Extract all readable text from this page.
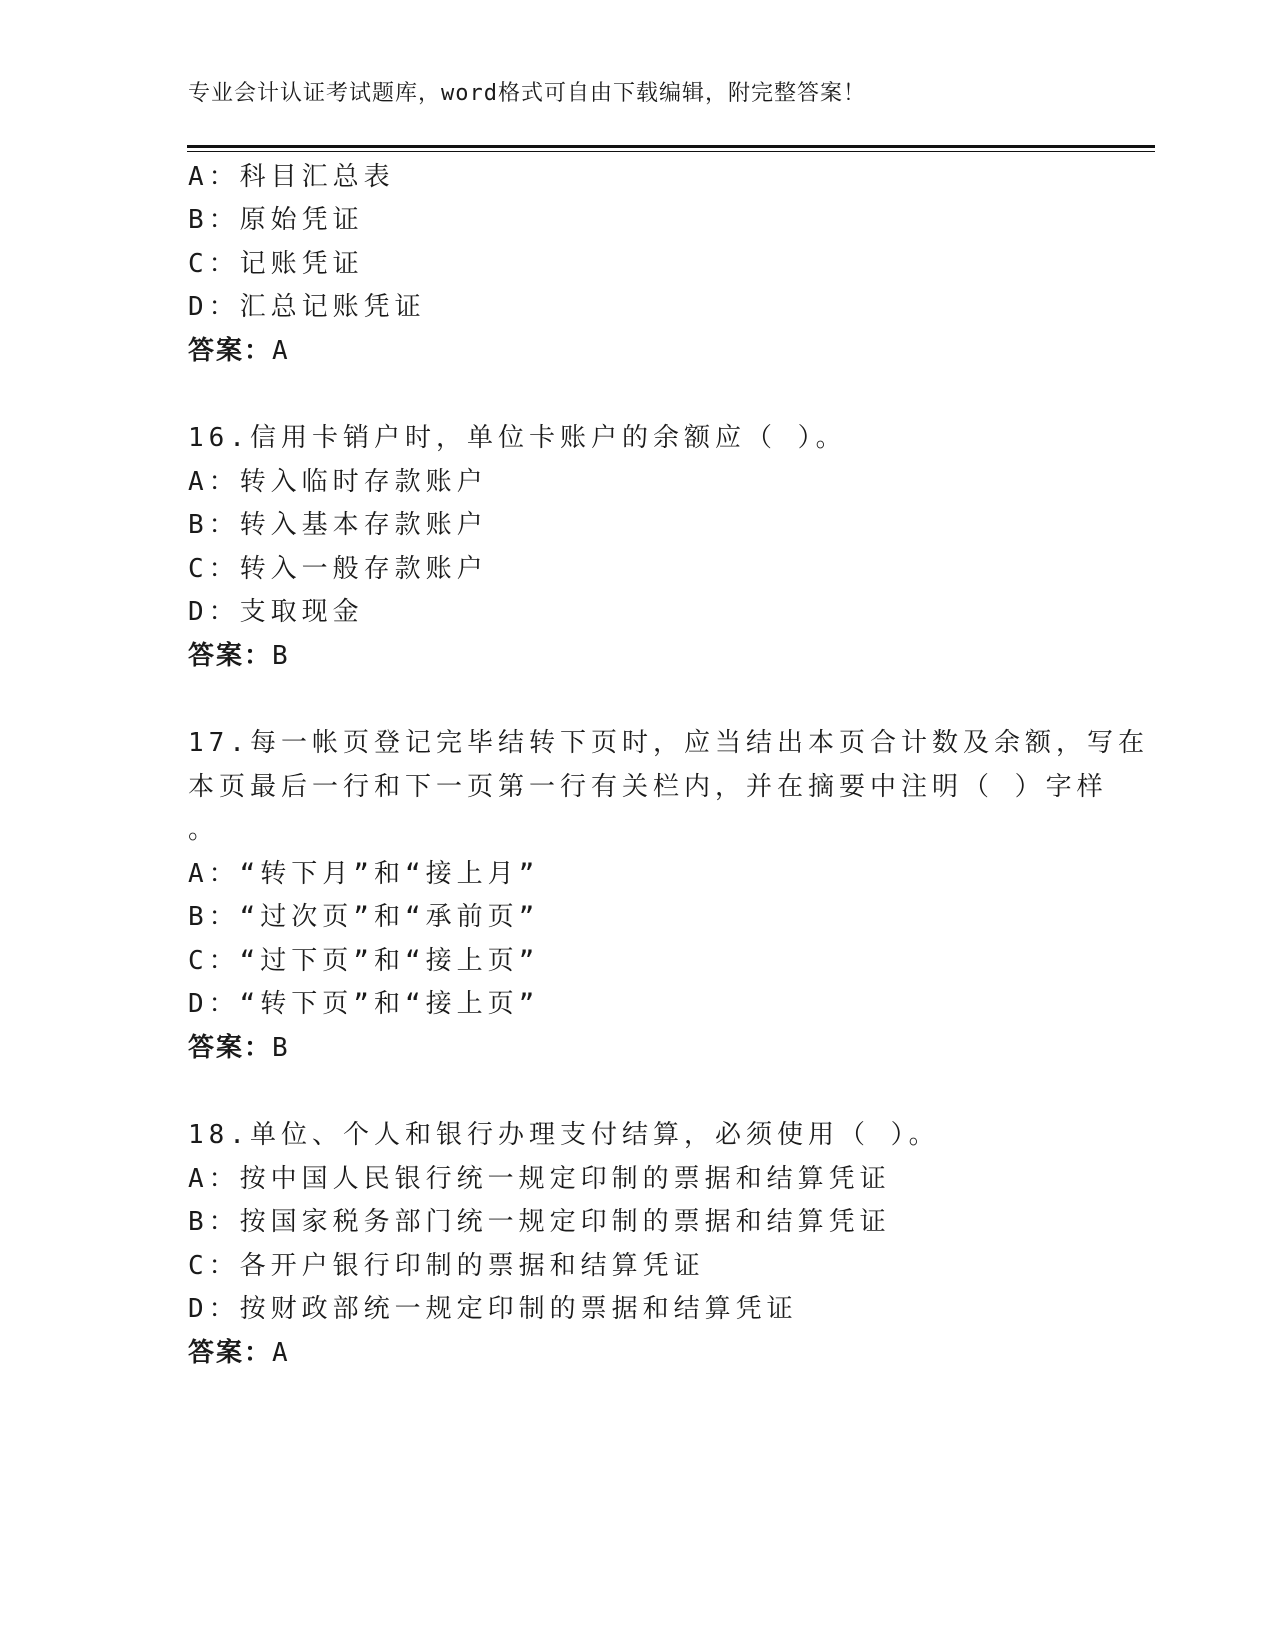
专业会计认证考试题库，word格式可自由下载编辑，附完整答案！
A：科目汇总表
B：原始凭证
C：记账凭证
D：汇总记账凭证
答案：A
16.信用卡销户时，单位卡账户的余额应（ ）。
A：转入临时存款账户
B：转入基本存款账户
C：转入一般存款账户
D：支取现金
答案：B
17.每一帐页登记完毕结转下页时，应当结出本页合计数及余额，写在
本页最后一行和下一页第一行有关栏内，并在摘要中注明（ ）字样
。
A：“转下月”和“接上月”
B：“过次页”和“承前页”
C：“过下页”和“接上页”
D：“转下页”和“接上页”
答案：B
18.单位、个人和银行办理支付结算，必须使用（ ）。
A：按中国人民银行统一规定印制的票据和结算凭证
B：按国家税务部门统一规定印制的票据和结算凭证
C：各开户银行印制的票据和结算凭证
D：按财政部统一规定印制的票据和结算凭证
答案：A
